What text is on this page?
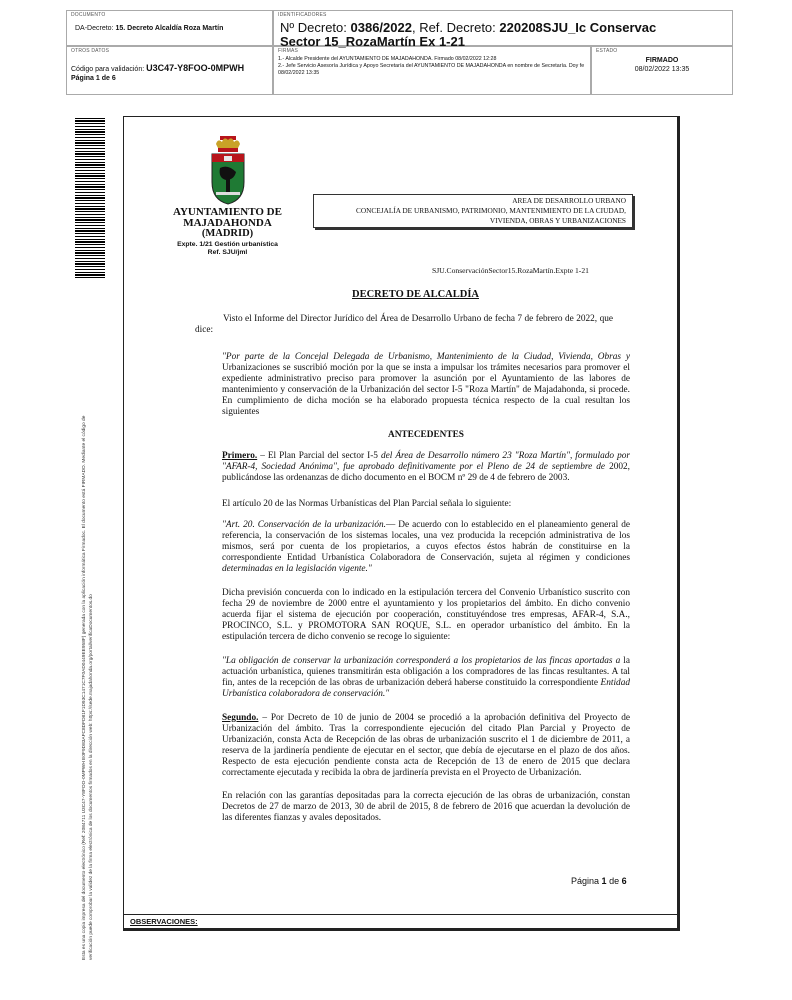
DOCUMENTO
DA-Decreto: 15. Decreto Alcaldía Roza Martín
IDENTIFICADORES
Nº Decreto: 0386/2022, Ref. Decreto: 220208SJU_Ic Conservac
Sector 15_RozaMartín Ex 1-21
OTROS DATOS
Código para validación: U3C47-Y8FOO-0MPWH
Página 1 de 6
FIRMAS
1.- Alcalde Presidente del AYUNTAMIENTO DE MAJADAHONDA. Firmado 08/02/2022 12:28
2.- Jefe Servicio Asesoría Jurídica y Apoyo Secretaría del AYUNTAMIENTO DE MAJADAHONDA en nombre de Secretaría. Doy fe 08/02/2022 13:35
ESTADO
FIRMADO
08/02/2022 13:35
Esta es una copia impresa del documento electrónico (Ref: 2084711 U3C47-Y8FOO-0MPWH E0F9D83AFC8DFD81F1D93C1471C7F0AD0449EE958F) generada con la aplicación informática Firmadoc. El documento está FIRMADO. Mediante el código de verificación puede comprobar la validez de la firma electrónica de los documentos firmados en la dirección web: https://sede.majadahonda.org/portal/verificaDocumentos.do	OBSERVACIONES:
AYUNTAMIENTO DE
MAJADAHONDA
(MADRID)
Expte. 1/21 Gestión urbanística
Ref. SJU/jml
AREA DE DESARROLLO URBANO
CONCEJALÍA DE URBANISMO, PATRIMONIO, MANTENIMIENTO DE LA CIUDAD,
VIVIENDA, OBRAS Y URBANIZACIONES
SJU.ConservaciónSector15.RozaMartín.Expte 1-21
DECRETO DE ALCALDÍA
Visto el Informe del Director Jurídico del Área de Desarrollo Urbano de fecha 7 de febrero de 2022, que dice:
"Por parte de la Concejal Delegada de Urbanismo, Mantenimiento de la Ciudad, Vivienda, Obras y Urbanizaciones se suscribió moción por la que se insta a impulsar los trámites necesarios para promover el expediente administrativo preciso para promover la asunción por el Ayuntamiento de las labores de mantenimiento y conservación de la Urbanización del sector I-5 "Roza Martín" de Majadahonda, si procede. En cumplimiento de dicha moción se ha elaborado propuesta técnica respecto de la cual resultan los siguientes
ANTECEDENTES
Primero. – El Plan Parcial del sector I-5 del Área de Desarrollo número 23 "Roza Martín", formulado por "AFAR-4, Sociedad Anónima", fue aprobado definitivamente por el Pleno de 24 de septiembre de 2002, publicándose las ordenanzas de dicho documento en el BOCM nº 29 de 4 de febrero de 2003.
El artículo 20 de las Normas Urbanísticas del Plan Parcial señala lo siguiente:
"Art. 20. Conservación de la urbanización.— De acuerdo con lo establecido en el planeamiento general de referencia, la conservación de los sistemas locales, una vez producida la recepción administrativa de los mismos, será por cuenta de los propietarios, a cuyos efectos éstos habrán de constituirse en la correspondiente Entidad Urbanística Colaboradora de Conservación, sujeta al régimen y condiciones determinadas en la legislación vigente."
Dicha previsión concuerda con lo indicado en la estipulación tercera del Convenio Urbanístico suscrito con fecha 29 de noviembre de 2000 entre el ayuntamiento y los propietarios del ámbito. En dicho convenio acuerda fijar el sistema de ejecución por cooperación, constituyéndose tres empresas, AFAR-4, S.A., PROCINCO, S.L. y PROMOTORA SAN ROQUE, S.L. en operador urbanístico del ámbito. En la estipulación tercera de dicho convenio se recoge lo siguiente:
"La obligación de conservar la urbanización corresponderá a los propietarios de las fincas aportadas a la actuación urbanística, quienes transmitirán esta obligación a los compradores de las fincas resultantes. A tal fin, antes de la recepción de las obras de urbanización deberá haberse constituido la correspondiente Entidad Urbanística colaboradora de conservación."
Segundo. – Por Decreto de 10 de junio de 2004 se procedió a la aprobación definitiva del Proyecto de Urbanización del ámbito. Tras la correspondiente ejecución del citado Plan Parcial y Proyecto de Urbanización, consta Acta de Recepción de las obras de urbanización suscrito el 1 de diciembre de 2011, a reserva de la jardinería pendiente de ejecutar en el sector, que debía de ejecutarse en el plazo de dos años. Respecto de esta ejecución pendiente consta acta de Recepción de 13 de enero de 2015 que declara correctamente ejecutada y recibida la obra de jardinería prevista en el Proyecto de Urbanización.
En relación con las garantías depositadas para la correcta ejecución de las obras de urbanización, constan Decretos de 27 de marzo de 2013, 30 de abril de 2015, 8 de febrero de 2016 que acuerdan la devolución de las diferentes fianzas y avales depositados.
Página 1 de 6
